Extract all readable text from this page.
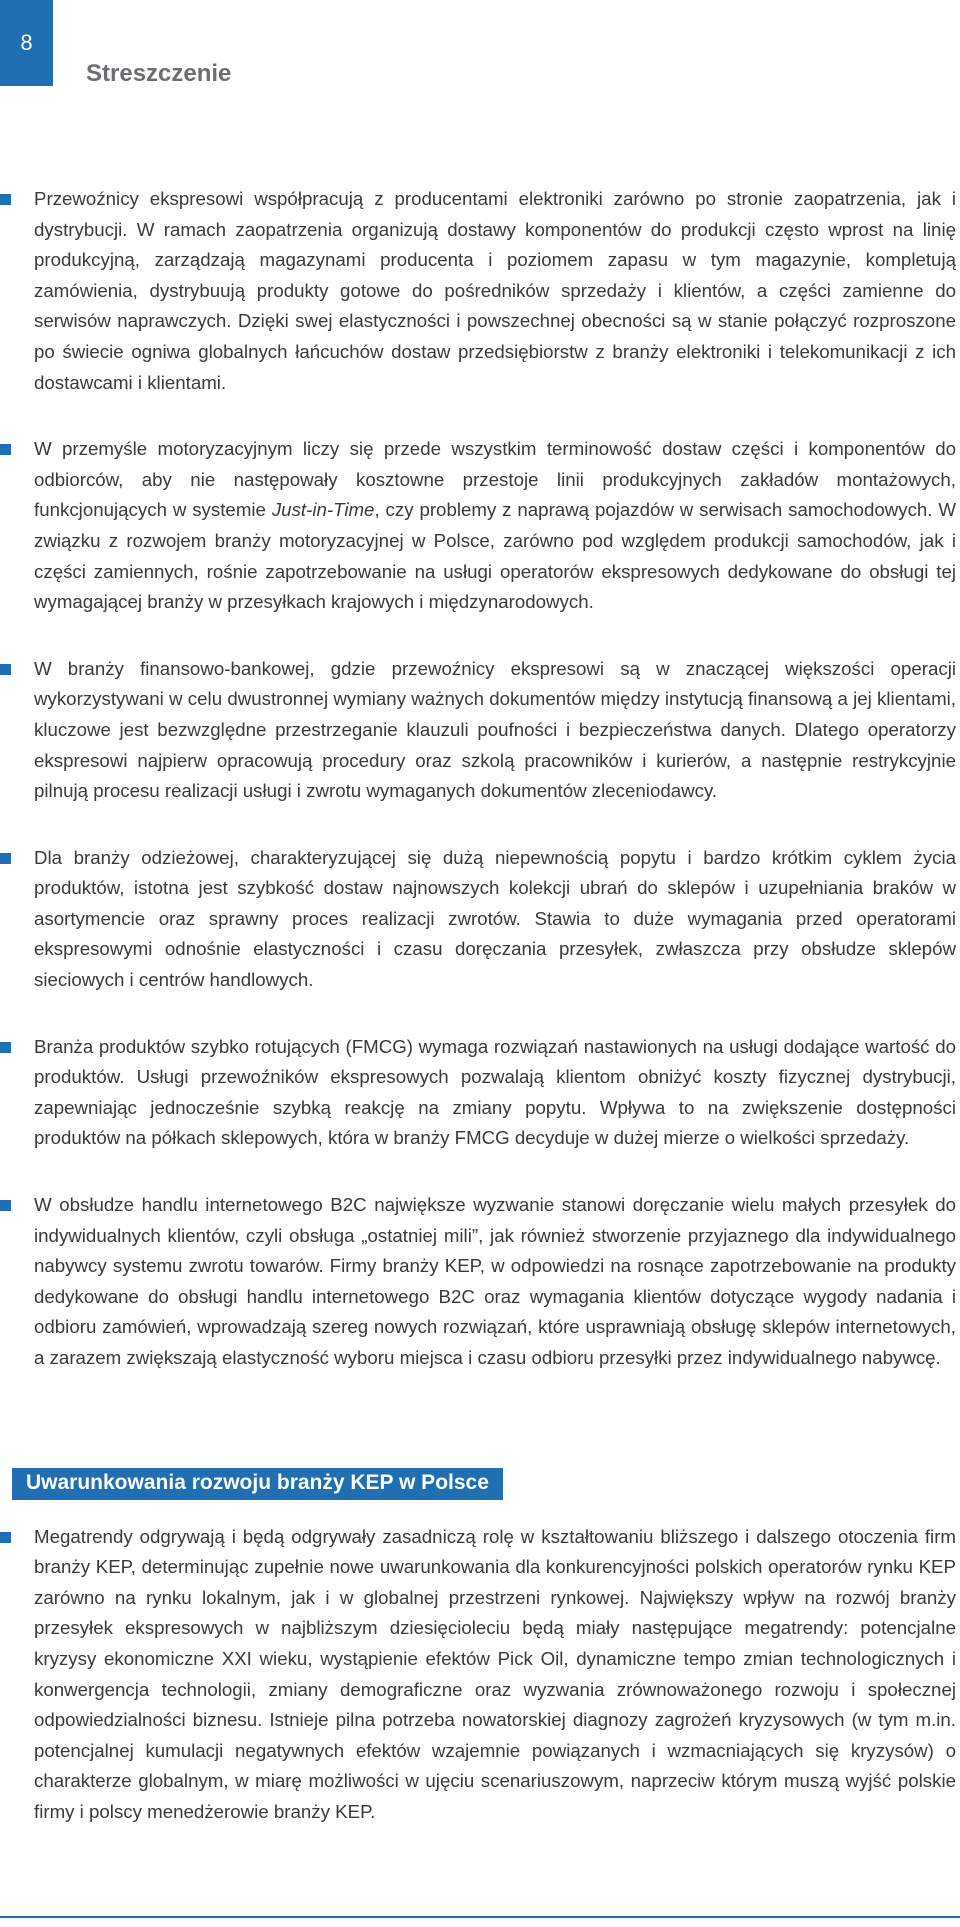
8
Streszczenie
Przewoźnicy ekspresowi współpracują z producentami elektroniki zarówno po stronie zaopatrzenia, jak i dystrybucji. W ramach zaopatrzenia organizują dostawy komponentów do produkcji często wprost na linię produkcyjną, zarządzają magazynami producenta i poziomem zapasu w tym magazynie, kompletują zamówienia, dystrybuują produkty gotowe do pośredników sprzedaży i klientów, a części zamienne do serwisów naprawczych. Dzięki swej elastyczności i powszechnej obecności są w stanie połączyć rozproszone po świecie ogniwa globalnych łańcuchów dostaw przedsiębiorstw z branży elektroniki i telekomunikacji z ich dostawcami i klientami.
W przemyśle motoryzacyjnym liczy się przede wszystkim terminowość dostaw części i komponentów do odbiorców, aby nie następowały kosztowne przestoje linii produkcyjnych zakładów montażowych, funkcjonujących w systemie Just-in-Time, czy problemy z naprawą pojazdów w serwisach samochodowych. W związku z rozwojem branży motoryzacyjnej w Polsce, zarówno pod względem produkcji samochodów, jak i części zamiennych, rośnie zapotrzebowanie na usługi operatorów ekspresowych dedykowane do obsługi tej wymagającej branży w przesyłkach krajowych i międzynarodowych.
W branży finansowo-bankowej, gdzie przewoźnicy ekspresowi są w znaczącej większości operacji wykorzystywani w celu dwustronnej wymiany ważnych dokumentów między instytucją finansową a jej klientami, kluczowe jest bezwzględne przestrzeganie klauzuli poufności i bezpieczeństwa danych. Dlatego operatorzy ekspresowi najpierw opracowują procedury oraz szkolą pracowników i kurierów, a następnie restrykcyjnie pilnują procesu realizacji usługi i zwrotu wymaganych dokumentów zleceniodawcy.
Dla branży odzieżowej, charakteryzującej się dużą niepewnością popytu i bardzo krótkim cyklem życia produktów, istotna jest szybkość dostaw najnowszych kolekcji ubrań do sklepów i uzupełniania braków w asortymencie oraz sprawny proces realizacji zwrotów. Stawia to duże wymagania przed operatorami ekspresowymi odnośnie elastyczności i czasu doręczania przesyłek, zwłaszcza przy obsłudze sklepów sieciowych i centrów handlowych.
Branża produktów szybko rotujących (FMCG) wymaga rozwiązań nastawionych na usługi dodające wartość do produktów. Usługi przewoźników ekspresowych pozwalają klientom obniżyć koszty fizycznej dystrybucji, zapewniając jednocześnie szybką reakcję na zmiany popytu. Wpływa to na zwiększenie dostępności produktów na półkach sklepowych, która w branży FMCG decyduje w dużej mierze o wielkości sprzedaży.
W obsłudze handlu internetowego B2C największe wyzwanie stanowi doręczanie wielu małych przesyłek do indywidualnych klientów, czyli obsługa „ostatniej mili”, jak również stworzenie przyjaznego dla indywidualnego nabywcy systemu zwrotu towarów. Firmy branży KEP, w odpowiedzi na rosnące zapotrzebowanie na produkty dedykowane do obsługi handlu internetowego B2C oraz wymagania klientów dotyczące wygody nadania i odbioru zamówień, wprowadzają szereg nowych rozwiązań, które usprawniają obsługę sklepów internetowych, a zarazem zwiększają elastyczność wyboru miejsca i czasu odbioru przesyłki przez indywidualnego nabywcę.
Uwarunkowania rozwoju branży KEP w Polsce
Megatrendy odgrywają i będą odgrywały zasadniczą rolę w kształtowaniu bliższego i dalszego otoczenia firm branży KEP, determinując zupełnie nowe uwarunkowania dla konkurencyjności polskich operatorów rynku KEP zarówno na rynku lokalnym, jak i w globalnej przestrzeni rynkowej. Największy wpływ na rozwój branży przesyłek ekspresowych w najbliższym dziesięcioleciu będą miały następujące megatrendy: potencjalne kryzysy ekonomiczne XXI wieku, wystąpienie efektów Pick Oil, dynamiczne tempo zmian technologicznych i konwergencja technologii, zmiany demograficzne oraz wyzwania zrównoważonego rozwoju i społecznej odpowiedzialności biznesu. Istnieje pilna potrzeba nowatorskiej diagnozy zagrożeń kryzysowych (w tym m.in. potencjalnej kumulacji negatywnych efektów wzajemnie powiązanych i wzmacniających się kryzysów) o charakterze globalnym, w miarę możliwości w ujęciu scenariuszowym, naprzeciw którym muszą wyjść polskie firmy i polscy menedżerowie branży KEP.
